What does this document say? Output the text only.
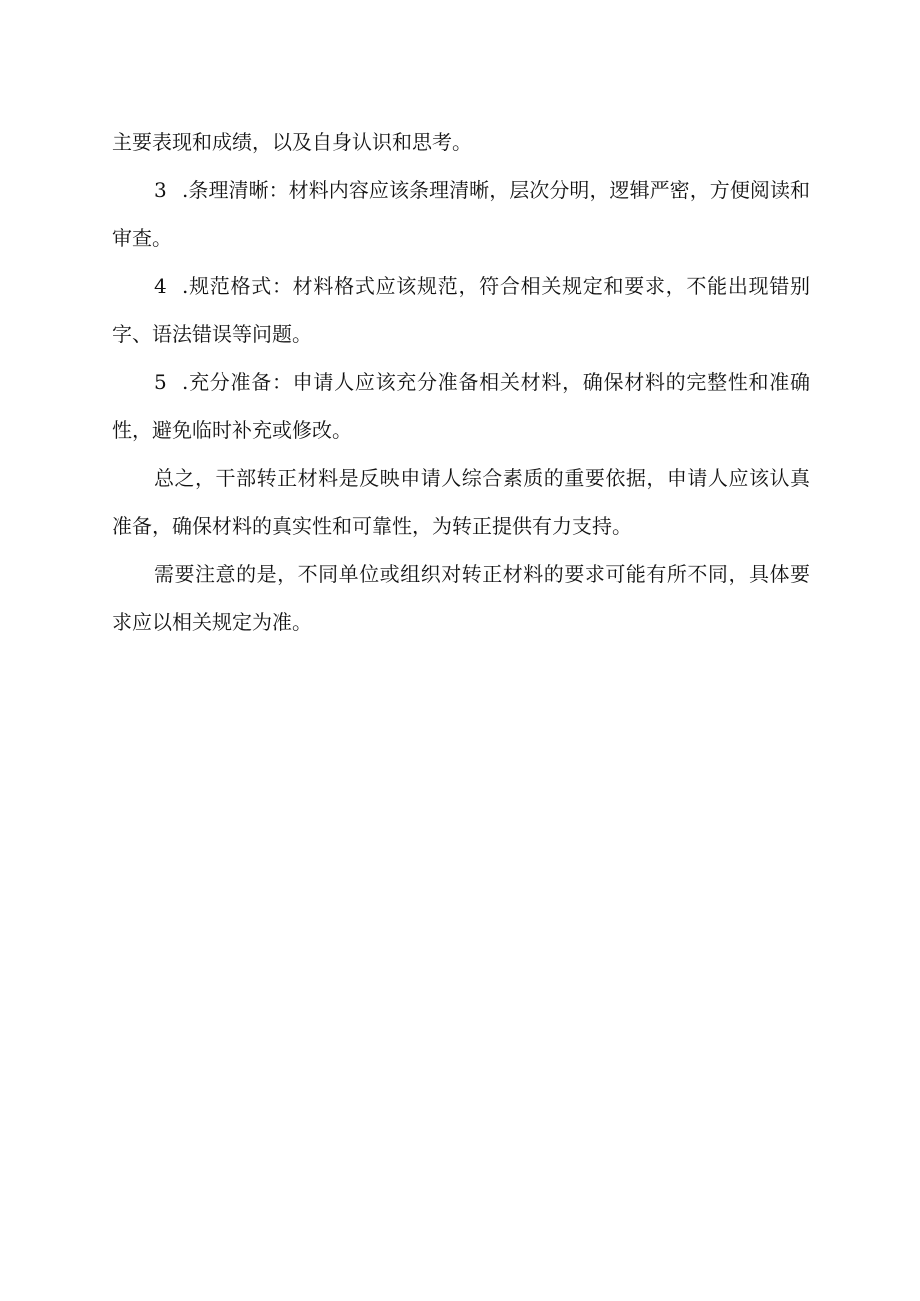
主要表现和成绩，以及自身认识和思考。

3 .条理清晰：材料内容应该条理清晰，层次分明，逻辑严密，方便阅读和审查。

4 .规范格式：材料格式应该规范，符合相关规定和要求，不能出现错别字、语法错误等问题。

5 .充分准备：申请人应该充分准备相关材料，确保材料的完整性和准确性，避免临时补充或修改。

总之，干部转正材料是反映申请人综合素质的重要依据，申请人应该认真准备，确保材料的真实性和可靠性，为转正提供有力支持。

需要注意的是，不同单位或组织对转正材料的要求可能有所不同，具体要求应以相关规定为准。
